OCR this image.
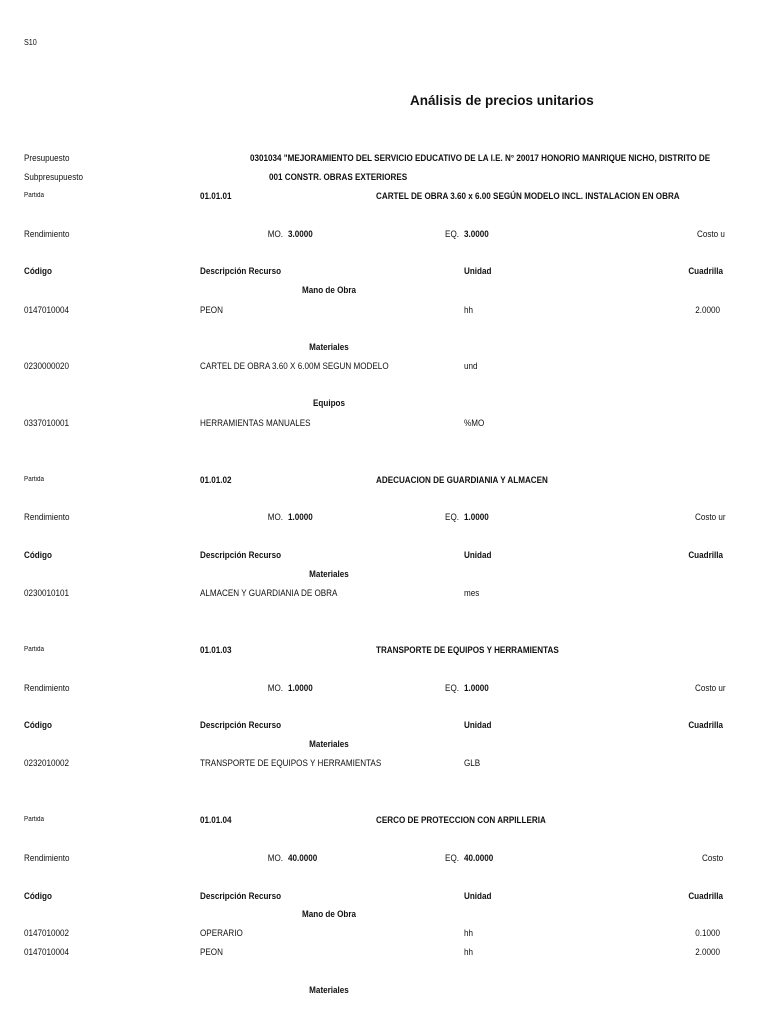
S10
Análisis de precios unitarios
Presupuesto	0301034 "MEJORAMIENTO DEL SERVICIO EDUCATIVO DE LA I.E. N° 20017 HONORIO MANRIQUE NICHO, DISTRITO DE
Subpresupuesto	001 CONSTR. OBRAS EXTERIORES
Partida	01.01.01	CARTEL DE OBRA 3.60 x 6.00 SEGÚN MODELO INCL. INSTALACION EN OBRA
Rendimiento	MO. 3.0000	EQ. 3.0000	Costo u
Código	Descripción Recurso	Unidad	Cuadrilla
Mano de Obra
0147010004	PEON	hh	2.0000
Materiales
0230000020	CARTEL DE OBRA 3.60 X 6.00M SEGUN MODELO	und
Equipos
0337010001	HERRAMIENTAS MANUALES	%MO
Partida	01.01.02	ADECUACION DE GUARDIANIA Y ALMACEN
Rendimiento	MO. 1.0000	EQ. 1.0000	Costo ur
Código	Descripción Recurso	Unidad	Cuadrilla
Materiales
0230010101	ALMACEN Y GUARDIANIA DE OBRA	mes
Partida	01.01.03	TRANSPORTE DE EQUIPOS Y HERRAMIENTAS
Rendimiento	MO. 1.0000	EQ. 1.0000	Costo ur
Código	Descripción Recurso	Unidad	Cuadrilla
Materiales
0232010002	TRANSPORTE DE EQUIPOS Y HERRAMIENTAS	GLB
Partida	01.01.04	CERCO DE PROTECCION CON ARPILLERIA
Rendimiento	MO. 40.0000	EQ. 40.0000	Costo
Código	Descripción Recurso	Unidad	Cuadrilla
Mano de Obra
0147010002	OPERARIO	hh	0.1000
0147010004	PEON	hh	2.0000
Materiales
